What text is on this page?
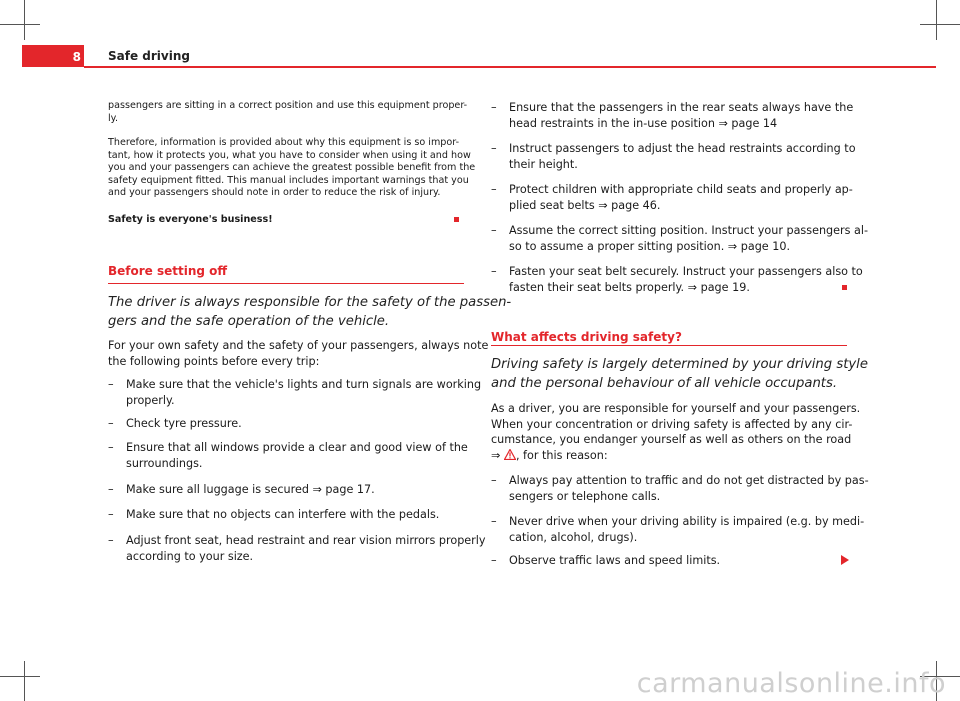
8 Safe driving
passengers are sitting in a correct position and use this equipment proper-
ly.
Therefore, information is provided about why this equipment is so impor-
tant, how it protects you, what you have to consider when using it and how
you and your passengers can achieve the greatest possible benefit from the
safety equipment fitted. This manual includes important warnings that you
and your passengers should note in order to reduce the risk of injury.
Safety is everyone's business!
Before setting off
The driver is always responsible for the safety of the passen-
gers and the safe operation of the vehicle.
For your own safety and the safety of your passengers, always note
the following points before every trip:
– Make sure that the vehicle's lights and turn signals are working
properly.
– Check tyre pressure.
– Ensure that all windows provide a clear and good view of the
surroundings.
– Make sure all luggage is secured ⇒ page 17.
– Make sure that no objects can interfere with the pedals.
– Adjust front seat, head restraint and rear vision mirrors properly
according to your size.
– Ensure that the passengers in the rear seats always have the
head restraints in the in-use position ⇒ page 14
– Instruct passengers to adjust the head restraints according to
their height.
– Protect children with appropriate child seats and properly ap-
plied seat belts ⇒ page 46.
– Assume the correct sitting position. Instruct your passengers al-
so to assume a proper sitting position. ⇒ page 10.
– Fasten your seat belt securely. Instruct your passengers also to
fasten their seat belts properly. ⇒ page 19.
What affects driving safety?
Driving safety is largely determined by your driving style
and the personal behaviour of all vehicle occupants.
As a driver, you are responsible for yourself and your passengers.
When your concentration or driving safety is affected by any cir-
cumstance, you endanger yourself as well as others on the road
⇒ , for this reason:
– Always pay attention to traffic and do not get distracted by pas-
sengers or telephone calls.
– Never drive when your driving ability is impaired (e.g. by medi-
cation, alcohol, drugs).
– Observe traffic laws and speed limits.
carmanualsonline.info
